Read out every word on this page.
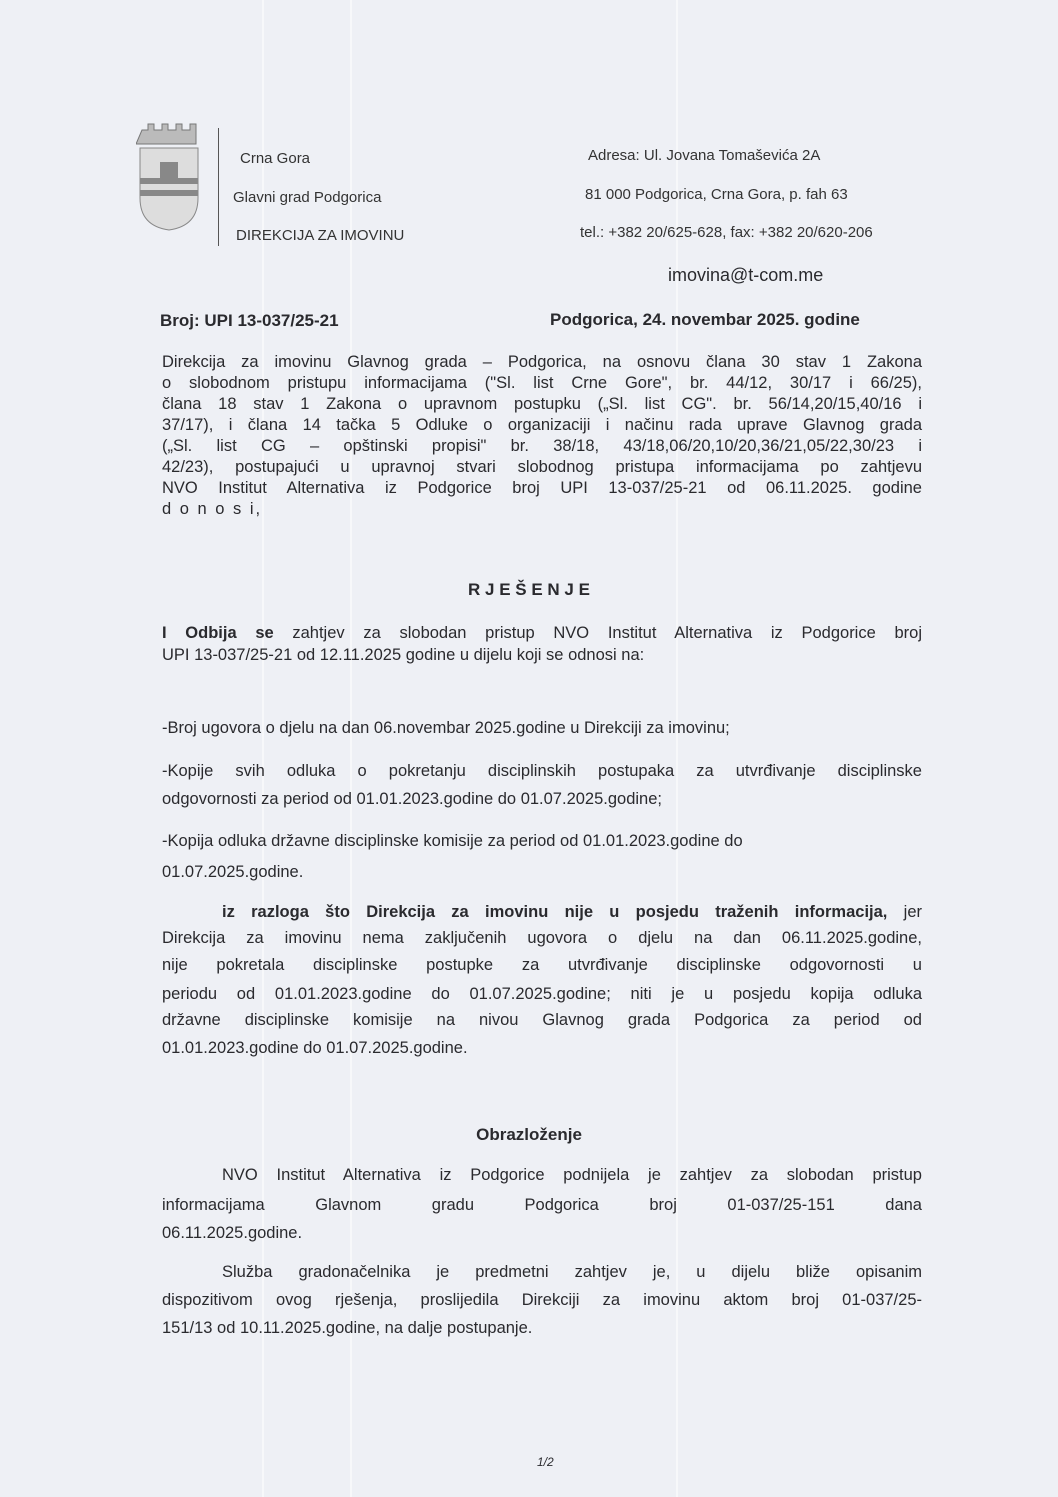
Crna Gora
Glavni grad Podgorica
DIREKCIJA ZA IMOVINU
Adresa: Ul. Jovana Tomaševića 2A
81 000 Podgorica, Crna Gora, p. fah 63
tel.: +382 20/625-628, fax: +382 20/620-206
imovina@t-com.me
Broj: UPI 13-037/25-21	Podgorica, 24. novembar 2025. godine
Direkcija za imovinu Glavnog grada – Podgorica, na osnovu člana 30 stav 1 Zakona
o slobodnom pristupu informacijama ("Sl. list Crne Gore", br. 44/12, 30/17 i 66/25),
člana 18 stav 1 Zakona o upravnom postupku („Sl. list CG". br. 56/14,20/15,40/16 i
37/17), i člana 14 tačka 5 Odluke o organizaciji i načinu rada uprave Glavnog grada
(„Sl. list CG – opštinski propisi" br. 38/18, 43/18,06/20,10/20,36/21,05/22,30/23 i
42/23), postupajući u upravnoj stvari slobodnog pristupa informacijama po zahtjevu
NVO Institut Alternativa iz Podgorice broj UPI 13-037/25-21 od 06.11.2025. godine
d o n o s i,
R J E Š E N J E
I Odbija se zahtjev za slobodan pristup NVO Institut Alternativa iz Podgorice broj
UPI 13-037/25-21 od 12.11.2025 godine u dijelu koji se odnosi na:
-Broj ugovora o djelu na dan 06.novembar 2025.godine u Direkciji za imovinu;
-Kopije svih odluka o pokretanju disciplinskih postupaka za utvrđivanje disciplinske
odgovornosti za period od 01.01.2023.godine do 01.07.2025.godine;
-Kopija odluka državne disciplinske komisije za period od 01.01.2023.godine do
01.07.2025.godine.
iz razloga što Direkcija za imovinu nije u posjedu traženih informacija, jer
Direkcija za imovinu nema zaključenih ugovora o djelu na dan 06.11.2025.godine,
nije pokretala disciplinske postupke za utvrđivanje disciplinske odgovornosti u
periodu od 01.01.2023.godine do 01.07.2025.godine; niti je u posjedu kopija odluka
državne disciplinske komisije na nivou Glavnog grada Podgorica za period od
01.01.2023.godine do 01.07.2025.godine.
Obrazloženje
NVO Institut Alternativa iz Podgorice podnijela je zahtjev za slobodan pristup
informacijama Glavnom gradu Podgorica broj 01-037/25-151 dana
06.11.2025.godine.
Služba gradonačelnika je predmetni zahtjev je, u dijelu bliže opisanim
dispozitivom ovog rješenja, proslijedila Direkciji za imovinu aktom broj 01-037/25-
151/13 od 10.11.2025.godine, na dalje postupanje.
1/2
